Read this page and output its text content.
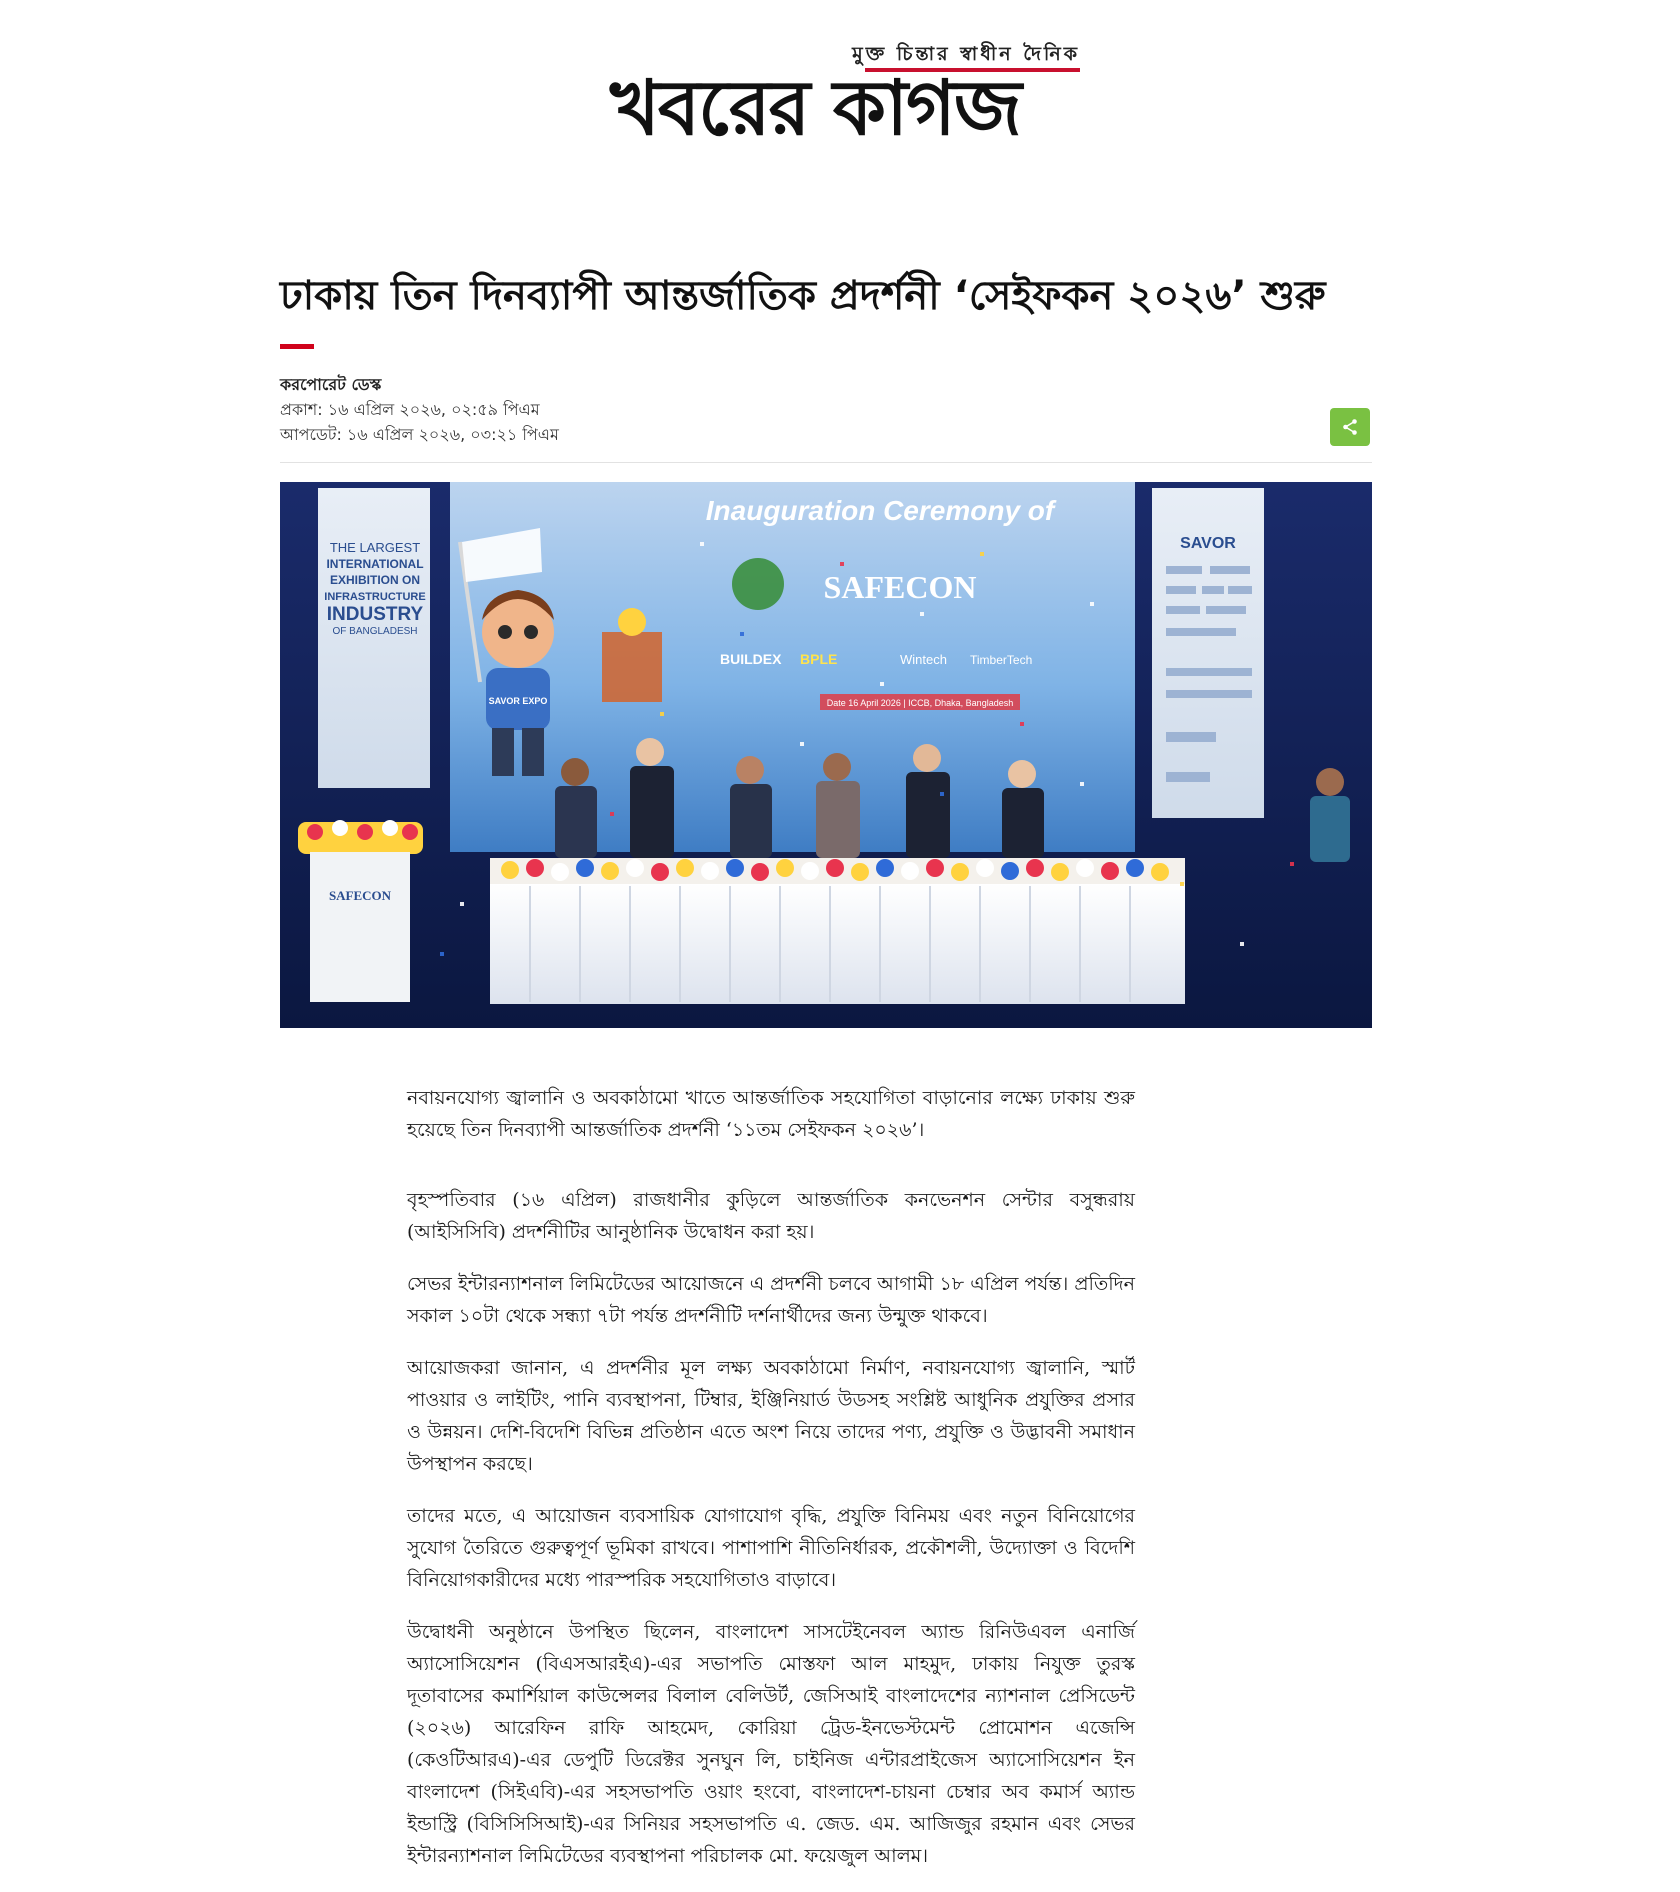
মুক্ত চিন্তার স্বাধীন দৈনিক
খবরের কাগজ
ঢাকায় তিন দিনব্যাপী আন্তর্জাতিক প্রদর্শনী ‘সেইফকন ২০২৬’ শুরু
করপোরেট ডেস্ক
প্রকাশ: ১৬ এপ্রিল ২০২৬, ০২:৫৯ পিএম
আপডেট: ১৬ এপ্রিল ২০২৬, ০৩:২১ পিএম
Inauguration Ceremony of
SAFECON
BUILDEX BPLE	Wintech TimberTech
Date 16 April 2026 | ICCB, Dhaka, Bangladesh
THE LARGEST
INTERNATIONAL
EXHIBITION ON
INFRASTRUCTURE
INDUSTRY
OF BANGLADESH
SAVOR
SAVOR EXPO
SAFECON

নবায়নযোগ্য জ্বালানি ও অবকাঠামো খাতে আন্তর্জাতিক সহযোগিতা বাড়ানোর লক্ষ্যে ঢাকায় শুরু হয়েছে তিন দিনব্যাপী আন্তর্জাতিক প্রদর্শনী ‘১১তম সেইফকন ২০২৬’।

বৃহস্পতিবার (১৬ এপ্রিল) রাজধানীর কুড়িলে আন্তর্জাতিক কনভেনশন সেন্টার বসুন্ধরায় (আইসিসিবি) প্রদর্শনীটির আনুষ্ঠানিক উদ্বোধন করা হয়।

সেভর ইন্টারন্যাশনাল লিমিটেডের আয়োজনে এ প্রদর্শনী চলবে আগামী ১৮ এপ্রিল পর্যন্ত। প্রতিদিন সকাল ১০টা থেকে সন্ধ্যা ৭টা পর্যন্ত প্রদর্শনীটি দর্শনার্থীদের জন্য উন্মুক্ত থাকবে।

আয়োজকরা জানান, এ প্রদর্শনীর মূল লক্ষ্য অবকাঠামো নির্মাণ, নবায়নযোগ্য জ্বালানি, স্মার্ট পাওয়ার ও লাইটিং, পানি ব্যবস্থাপনা, টিম্বার, ইঞ্জিনিয়ার্ড উডসহ সংশ্লিষ্ট আধুনিক প্রযুক্তির প্রসার ও উন্নয়ন। দেশি-বিদেশি বিভিন্ন প্রতিষ্ঠান এতে অংশ নিয়ে তাদের পণ্য, প্রযুক্তি ও উদ্ভাবনী সমাধান উপস্থাপন করছে।

তাদের মতে, এ আয়োজন ব্যবসায়িক যোগাযোগ বৃদ্ধি, প্রযুক্তি বিনিময় এবং নতুন বিনিয়োগের সুযোগ তৈরিতে গুরুত্বপূর্ণ ভূমিকা রাখবে। পাশাপাশি নীতিনির্ধারক, প্রকৌশলী, উদ্যোক্তা ও বিদেশি বিনিয়োগকারীদের মধ্যে পারস্পরিক সহযোগিতাও বাড়াবে।

উদ্বোধনী অনুষ্ঠানে উপস্থিত ছিলেন, বাংলাদেশ সাসটেইনেবল অ্যান্ড রিনিউএবল এনার্জি অ্যাসোসিয়েশন (বিএসআরইএ)-এর সভাপতি মোস্তফা আল মাহমুদ, ঢাকায় নিযুক্ত তুরস্ক দূতাবাসের কমার্শিয়াল কাউন্সেলর বিলাল বেলিউর্ট, জেসিআই বাংলাদেশের ন্যাশনাল প্রেসিডেন্ট (২০২৬) আরেফিন রাফি আহমেদ, কোরিয়া ট্রেড-ইনভেস্টমেন্ট প্রোমোশন এজেন্সি (কেওটিআরএ)-এর ডেপুটি ডিরেক্টর সুনঘুন লি, চাইনিজ এন্টারপ্রাইজেস অ্যাসোসিয়েশন ইন বাংলাদেশ (সিইএবি)-এর সহসভাপতি ওয়াং হংবো, বাংলাদেশ-চায়না চেম্বার অব কমার্স অ্যান্ড ইন্ডাস্ট্রি (বিসিসিসিআই)-এর সিনিয়র সহসভাপতি এ. জেড. এম. আজিজুর রহমান এবং সেভর ইন্টারন্যাশনাল লিমিটেডের ব্যবস্থাপনা পরিচালক মো. ফয়েজুল আলম।
